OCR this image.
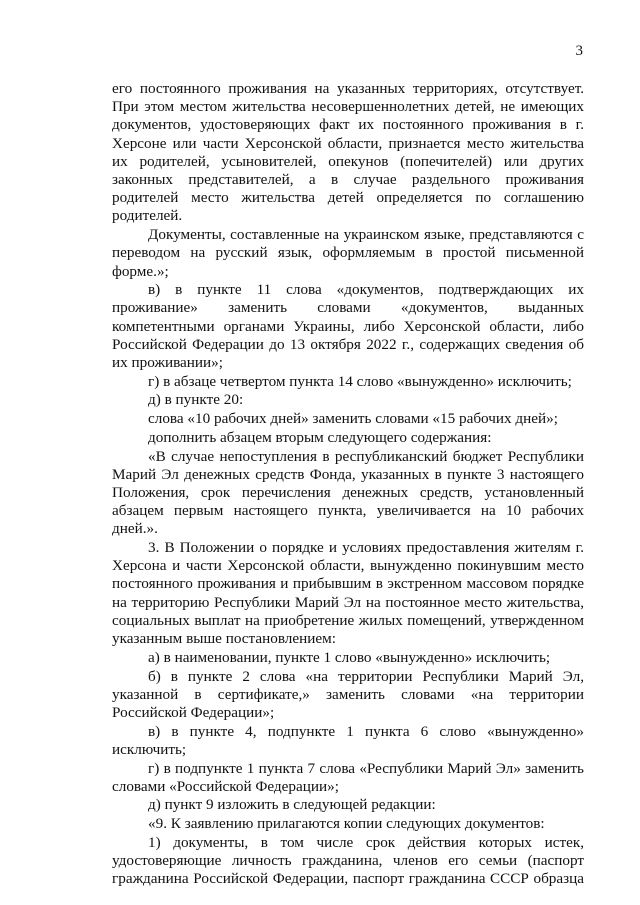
3

его постоянного проживания на указанных территориях, отсутствует. При этом местом жительства несовершеннолетних детей, не имеющих документов, удостоверяющих факт их постоянного проживания в г. Херсоне или части Херсонской области, признается место жительства их родителей, усыновителей, опекунов (попечителей) или других законных представителей, а в случае раздельного проживания родителей место жительства детей определяется по соглашению родителей.

Документы, составленные на украинском языке, представляются с переводом на русский язык, оформляемым в простой письменной форме.»;

в) в пункте 11 слова «документов, подтверждающих их проживание» заменить словами «документов, выданных компетентными органами Украины, либо Херсонской области, либо Российской Федерации до 13 октября 2022 г., содержащих сведения об их проживании»;

г) в абзаце четвертом пункта 14 слово «вынужденно» исключить;

д) в пункте 20:

слова «10 рабочих дней» заменить словами «15 рабочих дней»;

дополнить абзацем вторым следующего содержания:

«В случае непоступления в республиканский бюджет Республики Марий Эл денежных средств Фонда, указанных в пункте 3 настоящего Положения, срок перечисления денежных средств, установленный абзацем первым настоящего пункта, увеличивается на 10 рабочих дней.».

3. В Положении о порядке и условиях предоставления жителям г. Херсона и части Херсонской области, вынужденно покинувшим место постоянного проживания и прибывшим в экстренном массовом порядке на территорию Республики Марий Эл на постоянное место жительства, социальных выплат на приобретение жилых помещений, утвержденном указанным выше постановлением:

а) в наименовании, пункте 1 слово «вынужденно» исключить;

б) в пункте 2 слова «на территории Республики Марий Эл, указанной в сертификате,» заменить словами «на территории Российской Федерации»;

в) в пункте 4, подпункте 1 пункта 6 слово «вынужденно» исключить;

г) в подпункте 1 пункта 7 слова «Республики Марий Эл» заменить словами «Российской Федерации»;

д) пункт 9 изложить в следующей редакции:

«9. К заявлению прилагаются копии следующих документов:

1) документы, в том числе срок действия которых истек, удостоверяющие личность гражданина, членов его семьи (паспорт гражданина Российской Федерации, паспорт гражданина СССР образца
